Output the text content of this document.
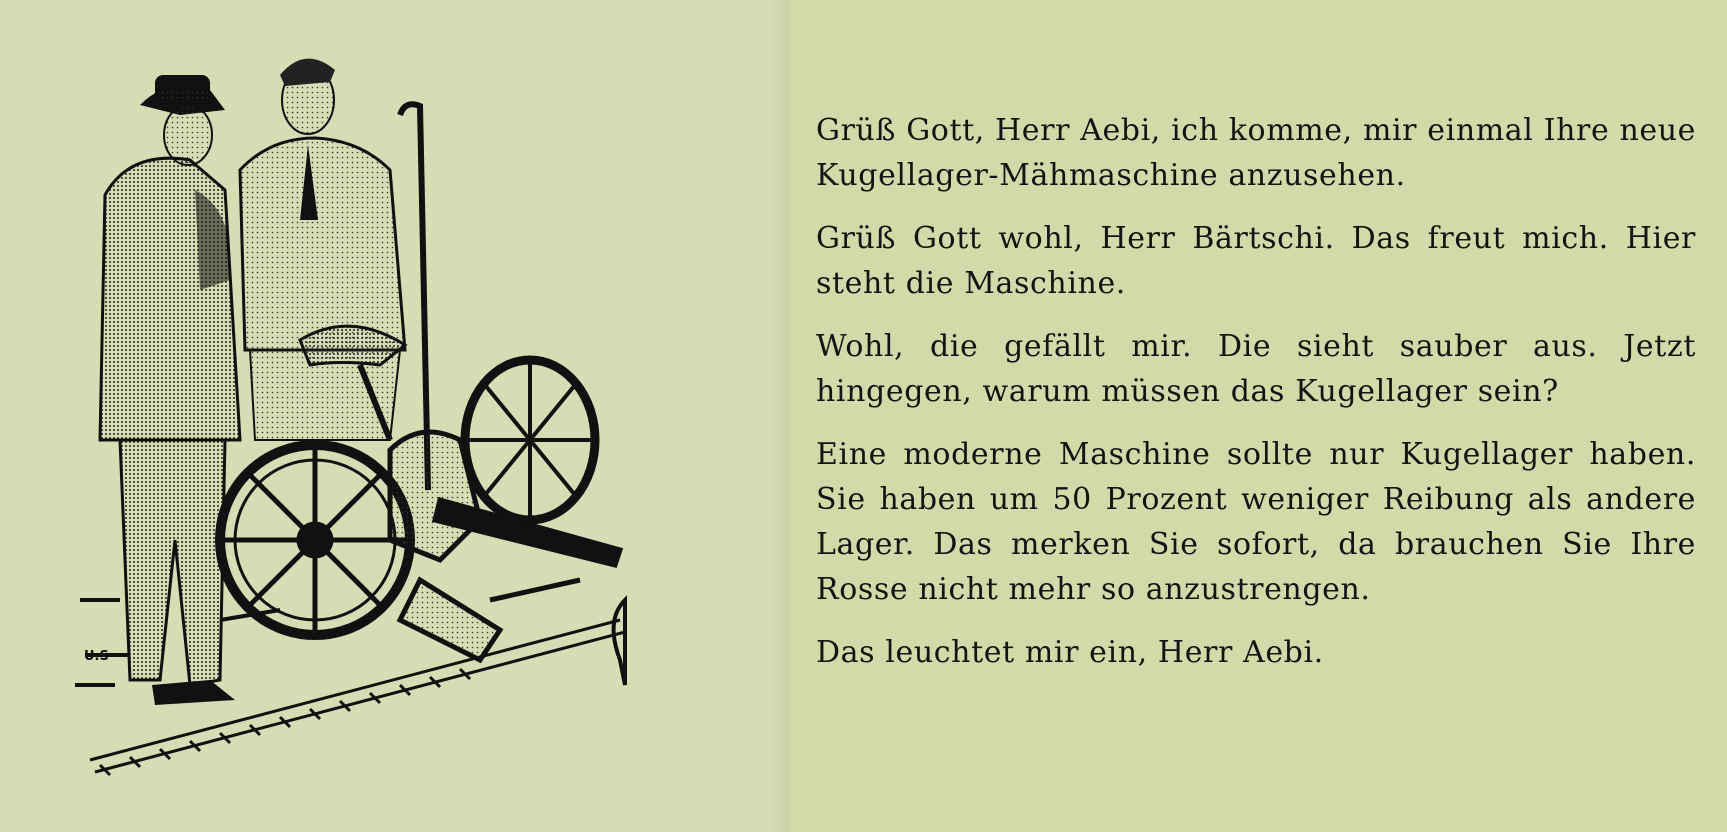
U.S

Grüß Gott, Herr Aebi, ich komme, mir einmal Ihre neue Kugellager-Mähmaschine anzusehen.

Grüß Gott wohl, Herr Bärtschi. Das freut mich. Hier steht die Maschine.

Wohl, die gefällt mir. Die sieht sauber aus. Jetzt hingegen, warum müssen das Kugellager sein?

Eine moderne Maschine sollte nur Kugellager haben. Sie haben um 50 Prozent weniger Reibung als andere Lager. Das merken Sie sofort, da brauchen Sie Ihre Rosse nicht mehr so anzustrengen.

Das leuchtet mir ein, Herr Aebi.
